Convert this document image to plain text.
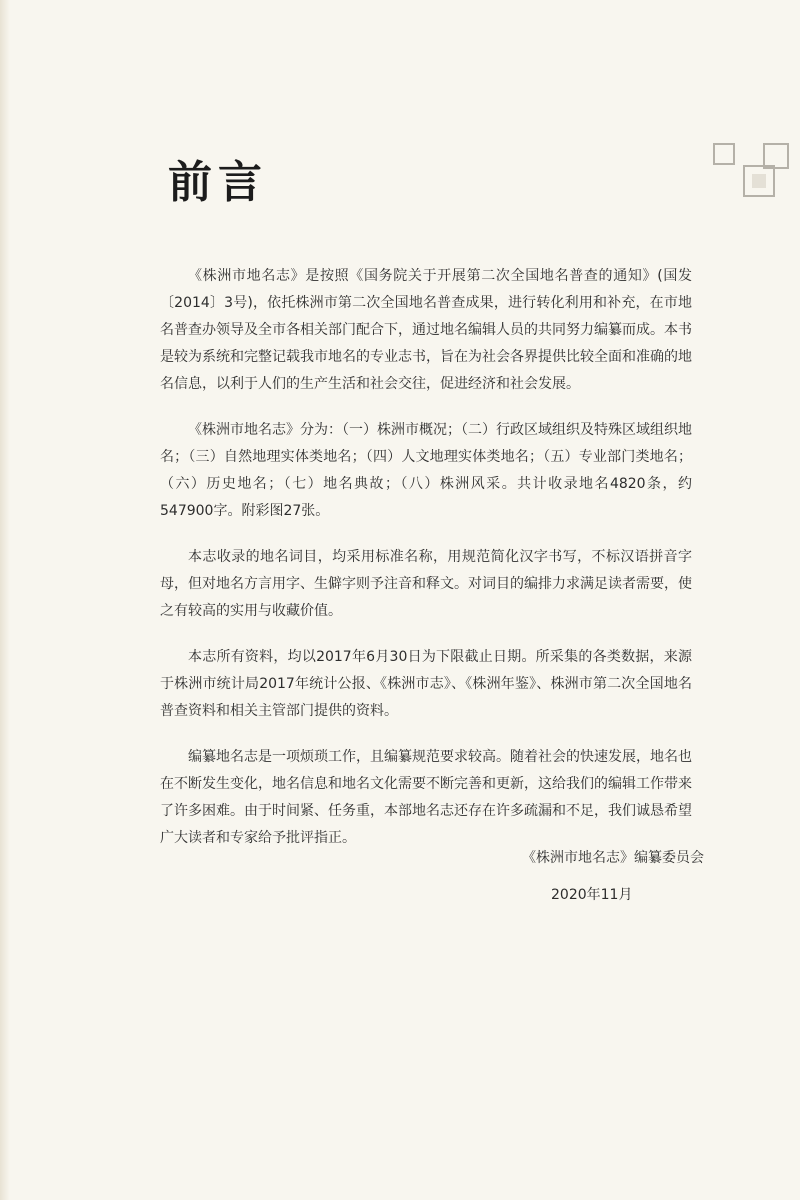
前言

《株洲市地名志》是按照《国务院关于开展第二次全国地名普查的通知》(国发〔2014〕3号)，依托株洲市第二次全国地名普查成果，进行转化利用和补充，在市地名普查办领导及全市各相关部门配合下，通过地名编辑人员的共同努力编纂而成。本书是较为系统和完整记载我市地名的专业志书，旨在为社会各界提供比较全面和准确的地名信息，以利于人们的生产生活和社会交往，促进经济和社会发展。

《株洲市地名志》分为：（一）株洲市概况；（二）行政区域组织及特殊区域组织地名；（三）自然地理实体类地名；（四）人文地理实体类地名；（五）专业部门类地名；（六）历史地名；（七）地名典故；（八）株洲风采。共计收录地名4820条，约547900字。附彩图27张。

本志收录的地名词目，均采用标准名称，用规范简化汉字书写，不标汉语拼音字母，但对地名方言用字、生僻字则予注音和释文。对词目的编排力求满足读者需要，使之有较高的实用与收藏价值。

本志所有资料，均以2017年6月30日为下限截止日期。所采集的各类数据，来源于株洲市统计局2017年统计公报、《株洲市志》、《株洲年鉴》、株洲市第二次全国地名普查资料和相关主管部门提供的资料。

编纂地名志是一项烦琐工作，且编纂规范要求较高。随着社会的快速发展，地名也在不断发生变化，地名信息和地名文化需要不断完善和更新，这给我们的编辑工作带来了许多困难。由于时间紧、任务重，本部地名志还存在许多疏漏和不足，我们诚恳希望广大读者和专家给予批评指正。

《株洲市地名志》编纂委员会
2020年11月
